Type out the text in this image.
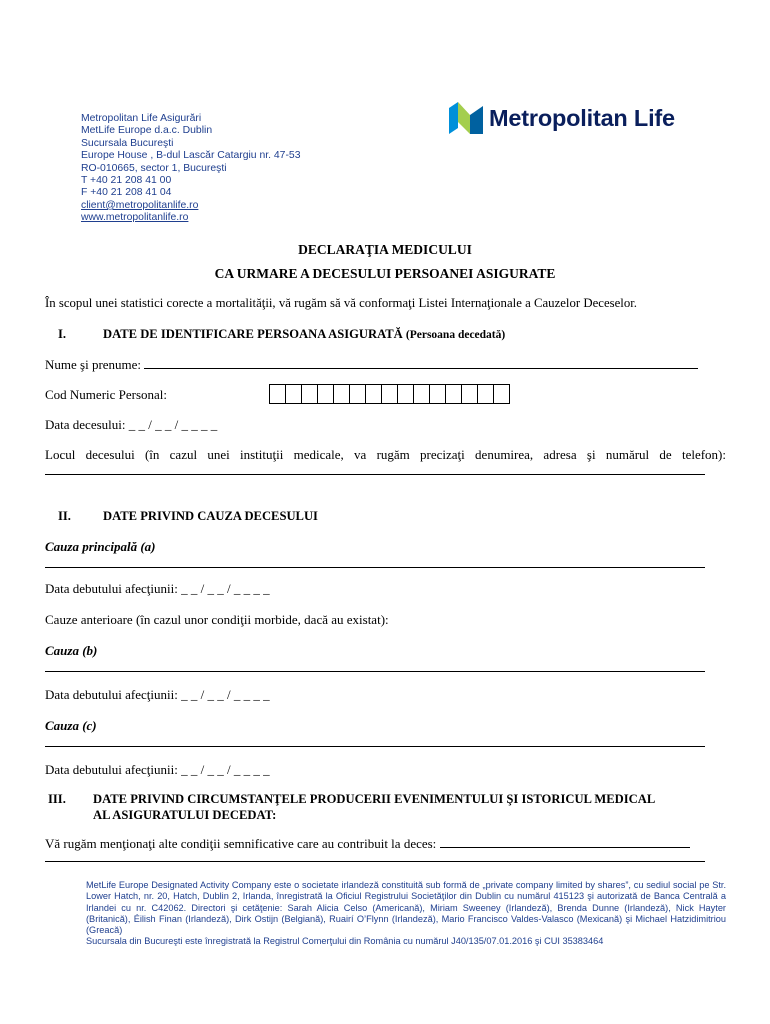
Metropolitan Life Asigurări
MetLife Europe d.a.c. Dublin
Sucursala Bucureşti
Europe House , B-dul Lascăr Catargiu nr. 47-53
RO-010665, sector 1, Bucureşti
T +40 21 208 41 00
F +40 21 208 41 04
client@metropolitanlife.ro
www.metropolitanlife.ro
Metropolitan Life
DECLARAŢIA MEDICULUI
CA URMARE A DECESULUI PERSOANEI ASIGURATE
În scopul unei statistici corecte a mortalităţii, vă rugăm să vă conformaţi Listei Internaţionale a Cauzelor Deceselor.
I.	DATE DE IDENTIFICARE PERSOANA ASIGURATĂ (Persoana decedată)
Nume şi prenume:
Cod Numeric Personal:
Data decesului: _ _ / _ _ / _ _ _ _
Locul decesului (în cazul unei instituţii medicale, va rugăm precizaţi denumirea, adresa şi numărul de telefon):
II.	DATE PRIVIND CAUZA DECESULUI
Cauza principală (a)
Data debutului afecţiunii: _ _ / _ _ / _ _ _ _
Cauze anterioare (în cazul unor condiţii morbide, dacă au existat):
Cauza (b)
Data debutului afecţiunii: _ _ / _ _ / _ _ _ _
Cauza (c)
Data debutului afecţiunii: _ _ / _ _ / _ _ _ _
III. DATE PRIVIND CIRCUMSTANŢELE PRODUCERII EVENIMENTULUI ŞI ISTORICUL MEDICAL
AL ASIGURATULUI DECEDAT:
Vă rugăm menţionaţi alte condiţii semnificative care au contribuit la deces:

MetLife Europe Designated Activity Company este o societate irlandeză constituită sub formă de „private company limited by shares”, cu sediul social pe Str. Lower Hatch, nr. 20, Hatch, Dublin 2, Irlanda, înregistrată la Oficiul Registrului Societăţilor din Dublin cu numărul 415123 şi autorizată de Banca Centrală a Irlandei cu nr. C42062. Directori şi cetăţenie: Sarah Alicia Celso (Americană), Miriam Sweeney (Irlandeză), Brenda Dunne (Irlandeză), Nick Hayter (Britanică), Éilish Finan (Irlandeză), Dirk Ostijn (Belgiană), Ruairí O’Flynn (Irlandeză), Mario Francisco Valdes-Valasco (Mexicană) şi Michael Hatzidimitriou (Greacă)

Sucursala din Bucureşti este înregistrată la Registrul Comerţului din România cu numărul J40/135/07.01.2016 şi CUI 35383464
